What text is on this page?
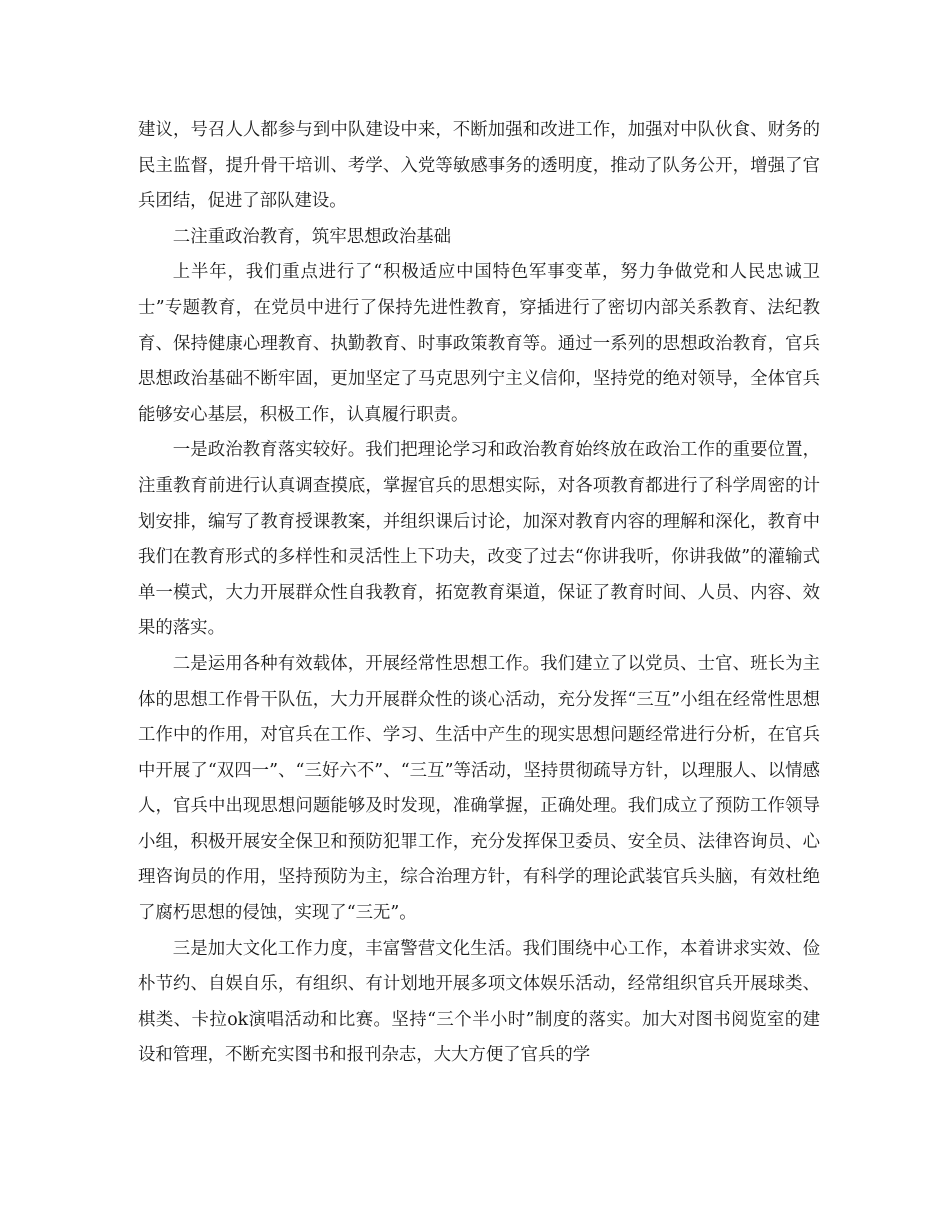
建议，号召人人都参与到中队建设中来，不断加强和改进工作，加强对中队伙食、财务的民主监督，提升骨干培训、考学、入党等敏感事务的透明度，推动了队务公开，增强了官兵团结，促进了部队建设。

二注重政治教育，筑牢思想政治基础

上半年，我们重点进行了“积极适应中国特色军事变革，努力争做党和人民忠诚卫士”专题教育，在党员中进行了保持先进性教育，穿插进行了密切内部关系教育、法纪教育、保持健康心理教育、执勤教育、时事政策教育等。通过一系列的思想政治教育，官兵思想政治基础不断牢固，更加坚定了马克思列宁主义信仰，坚持党的绝对领导，全体官兵能够安心基层，积极工作，认真履行职责。

一是政治教育落实较好。我们把理论学习和政治教育始终放在政治工作的重要位置，注重教育前进行认真调查摸底，掌握官兵的思想实际，对各项教育都进行了科学周密的计划安排，编写了教育授课教案，并组织课后讨论，加深对教育内容的理解和深化，教育中我们在教育形式的多样性和灵活性上下功夫，改变了过去“你讲我听，你讲我做”的灌输式单一模式，大力开展群众性自我教育，拓宽教育渠道，保证了教育时间、人员、内容、效果的落实。

二是运用各种有效载体，开展经常性思想工作。我们建立了以党员、士官、班长为主体的思想工作骨干队伍，大力开展群众性的谈心活动，充分发挥“三互”小组在经常性思想工作中的作用，对官兵在工作、学习、生活中产生的现实思想问题经常进行分析，在官兵中开展了“双四一”、“三好六不”、“三互”等活动，坚持贯彻疏导方针，以理服人、以情感人，官兵中出现思想问题能够及时发现，准确掌握，正确处理。我们成立了预防工作领导小组，积极开展安全保卫和预防犯罪工作，充分发挥保卫委员、安全员、法律咨询员、心理咨询员的作用，坚持预防为主，综合治理方针，有科学的理论武装官兵头脑，有效杜绝了腐朽思想的侵蚀，实现了“三无”。

三是加大文化工作力度，丰富警营文化生活。我们围绕中心工作，本着讲求实效、俭朴节约、自娱自乐，有组织、有计划地开展多项文体娱乐活动，经常组织官兵开展球类、棋类、卡拉ok演唱活动和比赛。坚持“三个半小时”制度的落实。加大对图书阅览室的建设和管理，不断充实图书和报刊杂志，大大方便了官兵的学
